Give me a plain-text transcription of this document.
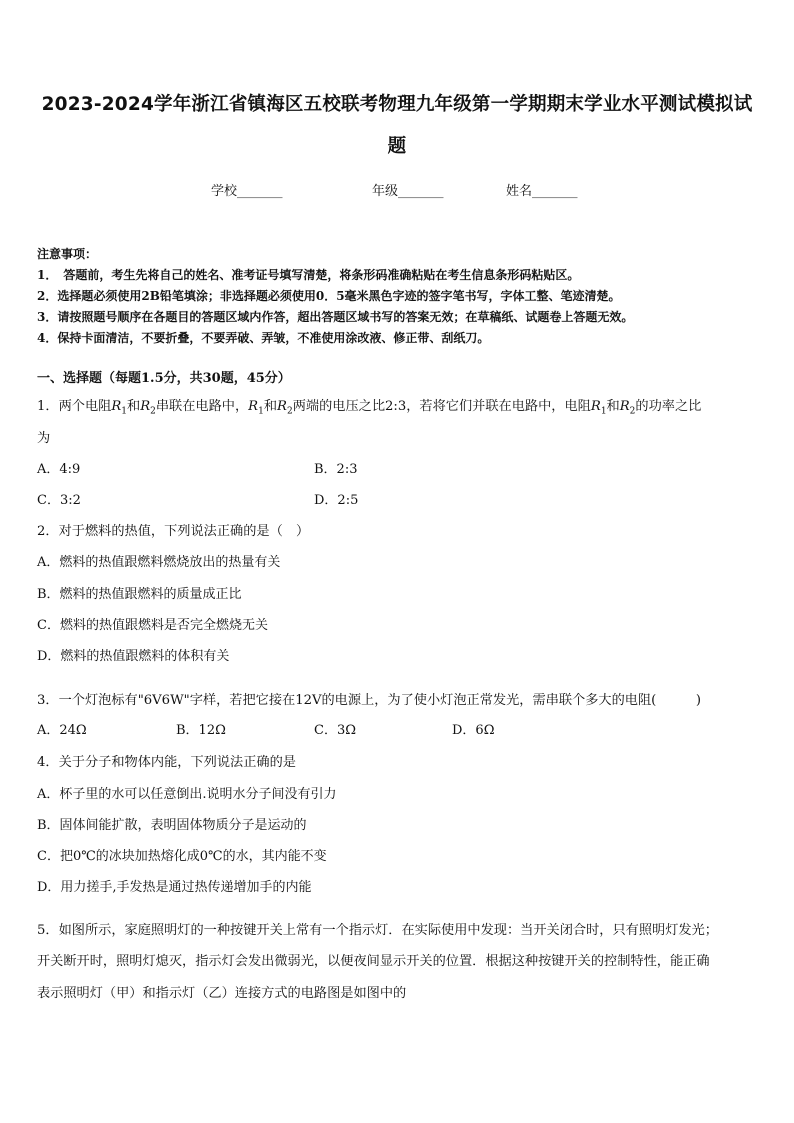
2023-2024学年浙江省镇海区五校联考物理九年级第一学期期末学业水平测试模拟试
题
学校_______	年级_______	姓名_______
注意事项：
1．　答题前，考生先将自己的姓名、准考证号填写清楚，将条形码准确粘贴在考生信息条形码粘贴区。
2．选择题必须使用2B铅笔填涂；非选择题必须使用0．5毫米黑色字迹的签字笔书写，字体工整、笔迹清楚。
3．请按照题号顺序在各题目的答题区域内作答，超出答题区域书写的答案无效；在草稿纸、试题卷上答题无效。
4．保持卡面清洁，不要折叠，不要弄破、弄皱，不准使用涂改液、修正带、刮纸刀。
一、选择题（每题1.5分，共30题，45分）
1．两个电阻$R_1$和$R_2$串联在电路中，$R_1$和$R_2$两端的电压之比2:3，若将它们并联在电路中，电阻$R_1$和$R_2$的功率之比
为
A．4:9	B．2:3
C．3:2	D．2:5
2．对于燃料的热值，下列说法正确的是（　）
A．燃料的热值跟燃料燃烧放出的热量有关
B．燃料的热值跟燃料的质量成正比
C．燃料的热值跟燃料是否完全燃烧无关
D．燃料的热值跟燃料的体积有关
3．一个灯泡标有"6V6W"字样，若把它接在12V的电源上，为了使小灯泡正常发光，需串联个多大的电阻(　　　)
A．24Ω	B．12Ω	C．3Ω	D．6Ω
4．关于分子和物体内能，下列说法正确的是
A．杯子里的水可以任意倒出.说明水分子间没有引力
B．固体间能扩散，表明固体物质分子是运动的
C．把0℃的冰块加热熔化成0℃的水，其内能不变
D．用力搓手,手发热是通过热传递增加手的内能
5．如图所示，家庭照明灯的一种按键开关上常有一个指示灯．在实际使用中发现：当开关闭合时，只有照明灯发光；
开关断开时，照明灯熄灭，指示灯会发出微弱光，以便夜间显示开关的位置．根据这种按键开关的控制特性，能正确
表示照明灯（甲）和指示灯（乙）连接方式的电路图是如图中的
